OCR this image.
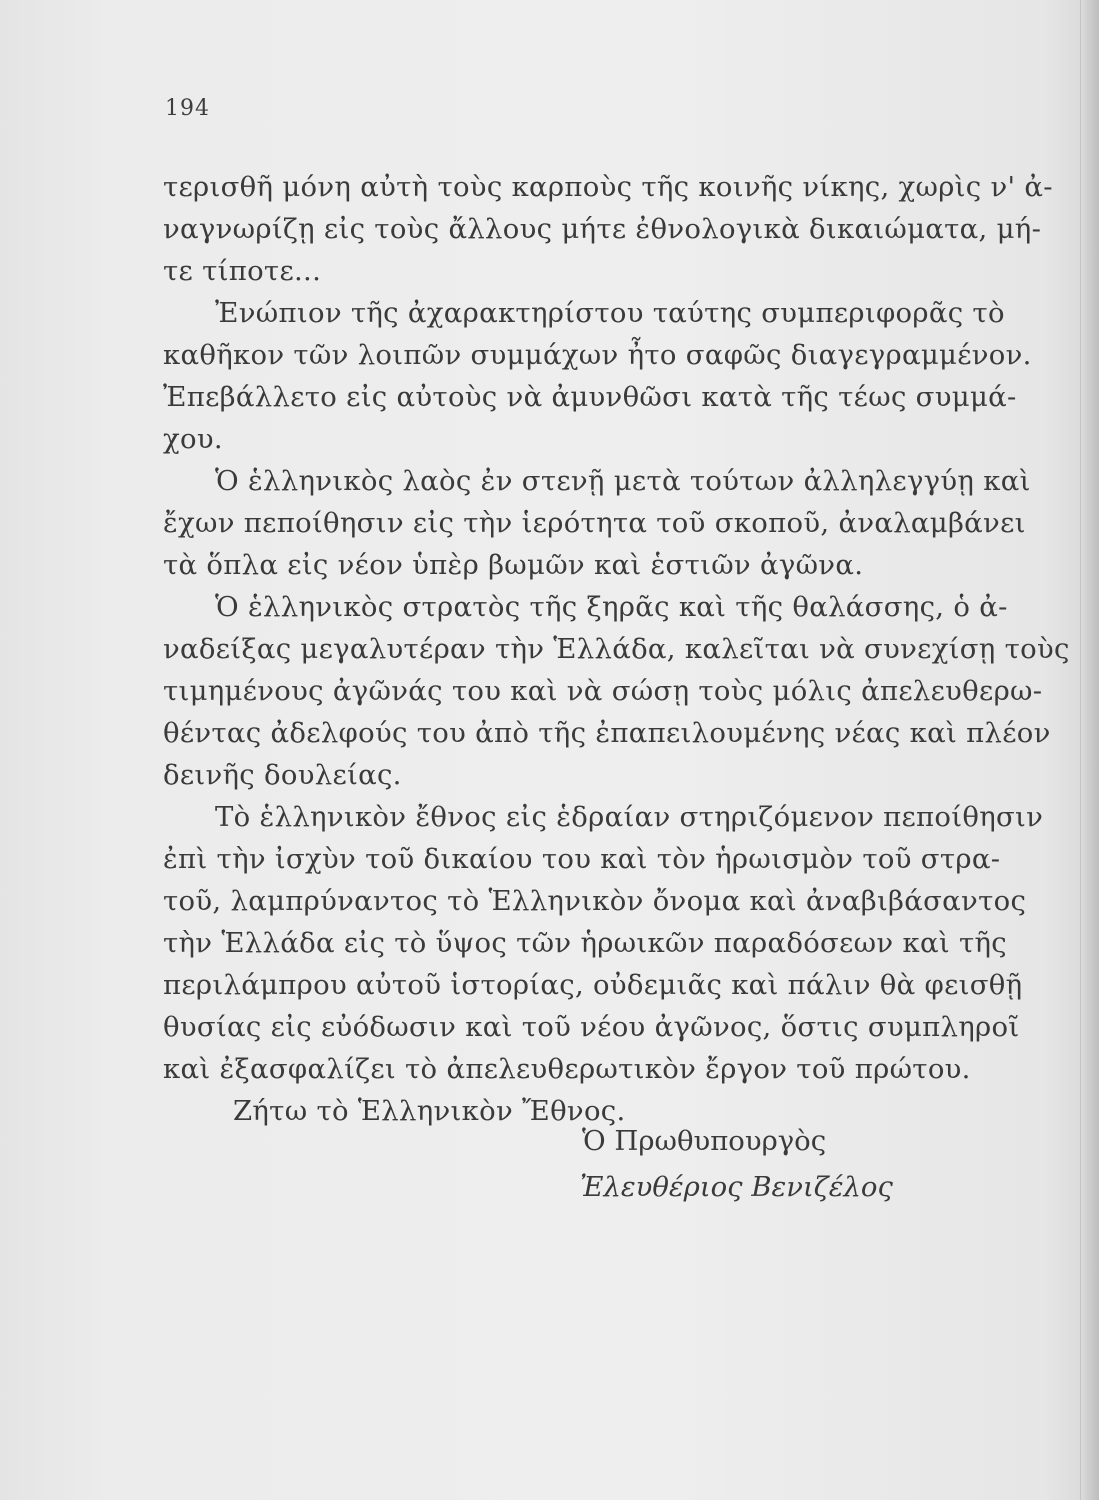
194
τερισθῆ μόνη αὐτὴ τοὺς καρποὺς τῆς κοινῆς νίκης, χωρὶς ν' ἀ-
ναγνωρίζῃ εἰς τοὺς ἄλλους μήτε ἐθνολογικὰ δικαιώματα, μή-
τε τίποτε...
Ἐνώπιον τῆς ἀχαρακτηρίστου ταύτης συμπεριφορᾶς τὸ
καθῆκον τῶν λοιπῶν συμμάχων ἦτο σαφῶς διαγεγραμμένον.
Ἐπεβάλλετο εἰς αὐτοὺς νὰ ἀμυνθῶσι κατὰ τῆς τέως συμμά-
χου.
Ὁ ἑλληνικὸς λαὸς ἐν στενῇ μετὰ τούτων ἀλληλεγγύῃ καὶ
ἔχων πεποίθησιν εἰς τὴν ἱερότητα τοῦ σκοποῦ, ἀναλαμβάνει
τὰ ὅπλα εἰς νέον ὑπὲρ βωμῶν καὶ ἑστιῶν ἀγῶνα.
Ὁ ἑλληνικὸς στρατὸς τῆς ξηρᾶς καὶ τῆς θαλάσσης, ὁ ἀ-
ναδείξας μεγαλυτέραν τὴν Ἑλλάδα, καλεῖται νὰ συνεχίσῃ τοὺς
τιμημένους ἀγῶνάς του καὶ νὰ σώσῃ τοὺς μόλις ἀπελευθερω-
θέντας ἀδελφούς του ἀπὸ τῆς ἐπαπειλουμένης νέας καὶ πλέον
δεινῆς δουλείας.
Τὸ ἑλληνικὸν ἔθνος εἰς ἑδραίαν στηριζόμενον πεποίθησιν
ἐπὶ τὴν ἰσχὺν τοῦ δικαίου του καὶ τὸν ἡρωισμὸν τοῦ στρα-
τοῦ, λαμπρύναντος τὸ Ἑλληνικὸν ὄνομα καὶ ἀναβιβάσαντος
τὴν Ἑλλάδα εἰς τὸ ὕψος τῶν ἡρωικῶν παραδόσεων καὶ τῆς
περιλάμπρου αὐτοῦ ἱστορίας, οὐδεμιᾶς καὶ πάλιν θὰ φεισθῇ
θυσίας εἰς εὐόδωσιν καὶ τοῦ νέου ἀγῶνος, ὅστις συμπληροῖ
καὶ ἐξασφαλίζει τὸ ἀπελευθερωτικὸν ἔργον τοῦ πρώτου.
Ζήτω τὸ Ἑλληνικὸν Ἔθνος.
Ὁ Πρωθυπουργὸς
Ἐλευθέριος Βενιζέλος
